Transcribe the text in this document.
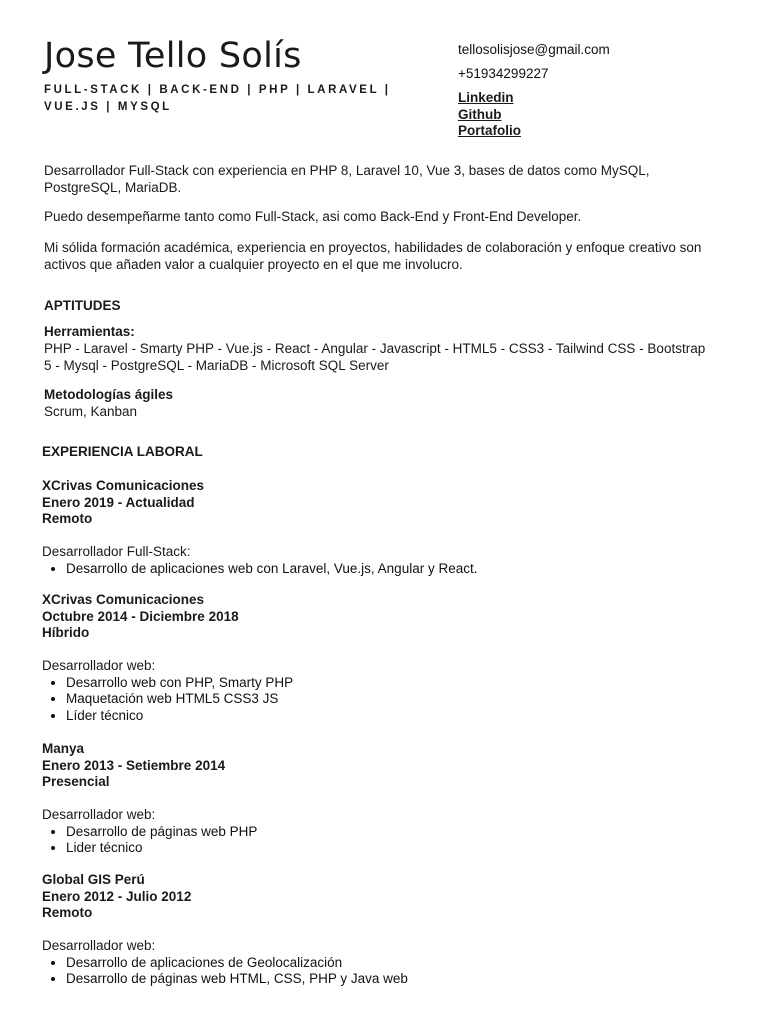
Jose Tello Solís
FULL-STACK | BACK-END | PHP | LARAVEL | VUE.JS | MYSQL
tellosolisjose@gmail.com
+51934299227
Linkedin
Github
Portafolio

Desarrollador Full-Stack con experiencia en PHP 8, Laravel 10, Vue 3, bases de datos como MySQL, PostgreSQL, MariaDB.

Puedo desempeñarme tanto como Full-Stack, asi como Back-End y Front-End Developer.

Mi sólida formación académica, experiencia en proyectos, habilidades de colaboración y enfoque creativo son activos que añaden valor a cualquier proyecto en el que me involucro.

APTITUDES
Herramientas:

PHP - Laravel - Smarty PHP - Vue.js - React - Angular - Javascript - HTML5 - CSS3 - Tailwind CSS - Bootstrap 5 - Mysql - PostgreSQL - MariaDB - Microsoft SQL Server

Metodologías ágiles
Scrum, Kanban
EXPERIENCIA LABORAL
XCrivas Comunicaciones
Enero 2019 - Actualidad
Remoto
Desarrollador Full-Stack:
• Desarrollo de aplicaciones web con Laravel, Vue.js, Angular y React.
XCrivas Comunicaciones
Octubre 2014 - Diciembre 2018
Híbrido
Desarrollador web:
• Desarrollo web con PHP, Smarty PHP
• Maquetación web HTML5 CSS3 JS
• Líder técnico
Manya
Enero 2013 - Setiembre 2014
Presencial
Desarrollador web:
• Desarrollo de páginas web PHP
• Lider técnico
Global GIS Perú
Enero 2012 - Julio 2012
Remoto
Desarrollador web:
• Desarrollo de aplicaciones de Geolocalización
• Desarrollo de páginas web HTML, CSS, PHP y Java web
